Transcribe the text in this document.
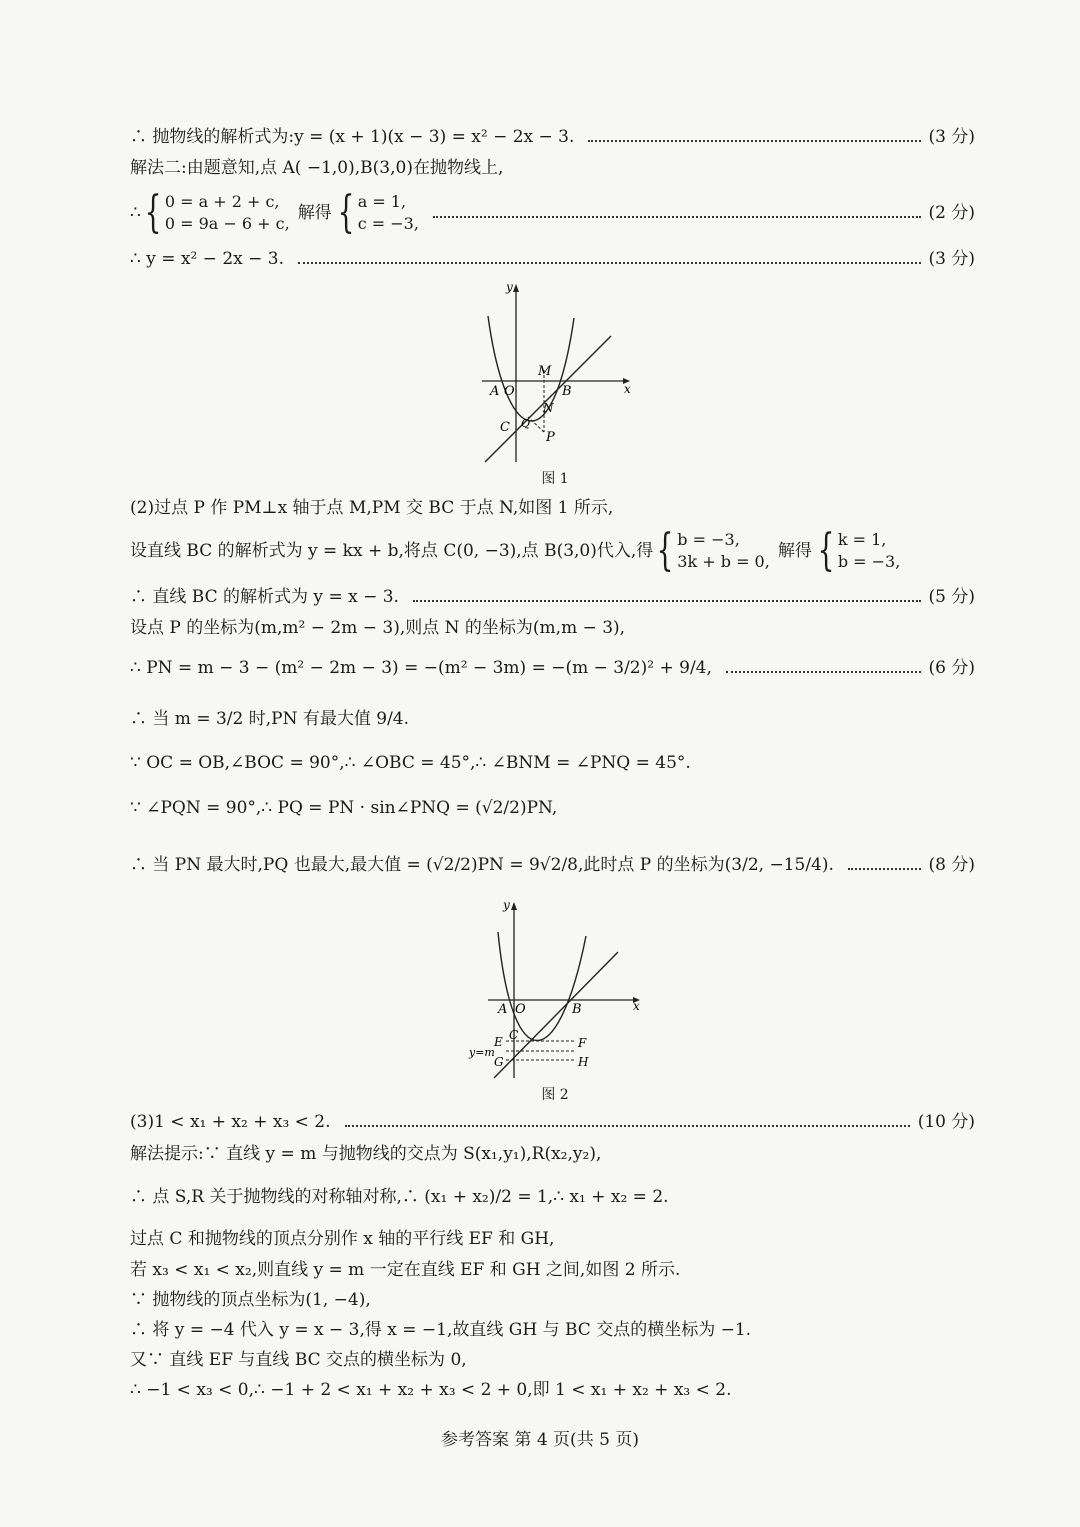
∴ 抛物线的解析式为:y = (x + 1)(x − 3) = x² − 2x − 3.	(3 分)
解法二:由题意知,点 A( −1,0),B(3,0)在抛物线上,
∴ { 0 = a + 2 + c,
0 = 9a − 6 + c,
解得 { a = 1,
c = −3,
(2 分)
∴ y = x² − 2x − 3.	(3 分)
y
x
A O
M
B
N
C Q
P
图 1
(2)过点 P 作 PM⊥x 轴于点 M,PM 交 BC 于点 N,如图 1 所示,
设直线 BC 的解析式为 y = kx + b,将点 C(0, −3),点 B(3,0)代入,得 { b = −3,
3k + b = 0,
解得 { k = 1,
b = −3,
∴ 直线 BC 的解析式为 y = x − 3.	(5 分)
设点 P 的坐标为(m,m² − 2m − 3),则点 N 的坐标为(m,m − 3),
∴ PN = m − 3 − (m² − 2m − 3) = −(m² − 3m) = −(m − 3/2)² + 9/4,	(6 分)
∴ 当 m = 3/2 时,PN 有最大值 9/4.
∵ OC = OB,∠BOC = 90°,∴ ∠OBC = 45°,∴ ∠BNM = ∠PNQ = 45°.
∵ ∠PQN = 90°,∴ PQ = PN · sin∠PNQ = (√2/2)PN,
∴ 当 PN 最大时,PQ 也最大,最大值 = (√2/2)PN = 9√2/8,此时点 P 的坐标为(3/2, −15/4).	(8 分)
y
x
A O	B
E C
F
y=m
G	H
图 2
(3)1 < x₁ + x₂ + x₃ < 2.	(10 分)
解法提示:∵ 直线 y = m 与抛物线的交点为 S(x₁,y₁),R(x₂,y₂),
∴ 点 S,R 关于抛物线的对称轴对称,∴ (x₁ + x₂)/2 = 1,∴ x₁ + x₂ = 2.
过点 C 和抛物线的顶点分别作 x 轴的平行线 EF 和 GH,
若 x₃ < x₁ < x₂,则直线 y = m 一定在直线 EF 和 GH 之间,如图 2 所示.
∵ 抛物线的顶点坐标为(1, −4),
∴ 将 y = −4 代入 y = x − 3,得 x = −1,故直线 GH 与 BC 交点的横坐标为 −1.
又∵ 直线 EF 与直线 BC 交点的横坐标为 0,
∴ −1 < x₃ < 0,∴ −1 + 2 < x₁ + x₂ + x₃ < 2 + 0,即 1 < x₁ + x₂ + x₃ < 2.
参考答案 第 4 页(共 5 页)
